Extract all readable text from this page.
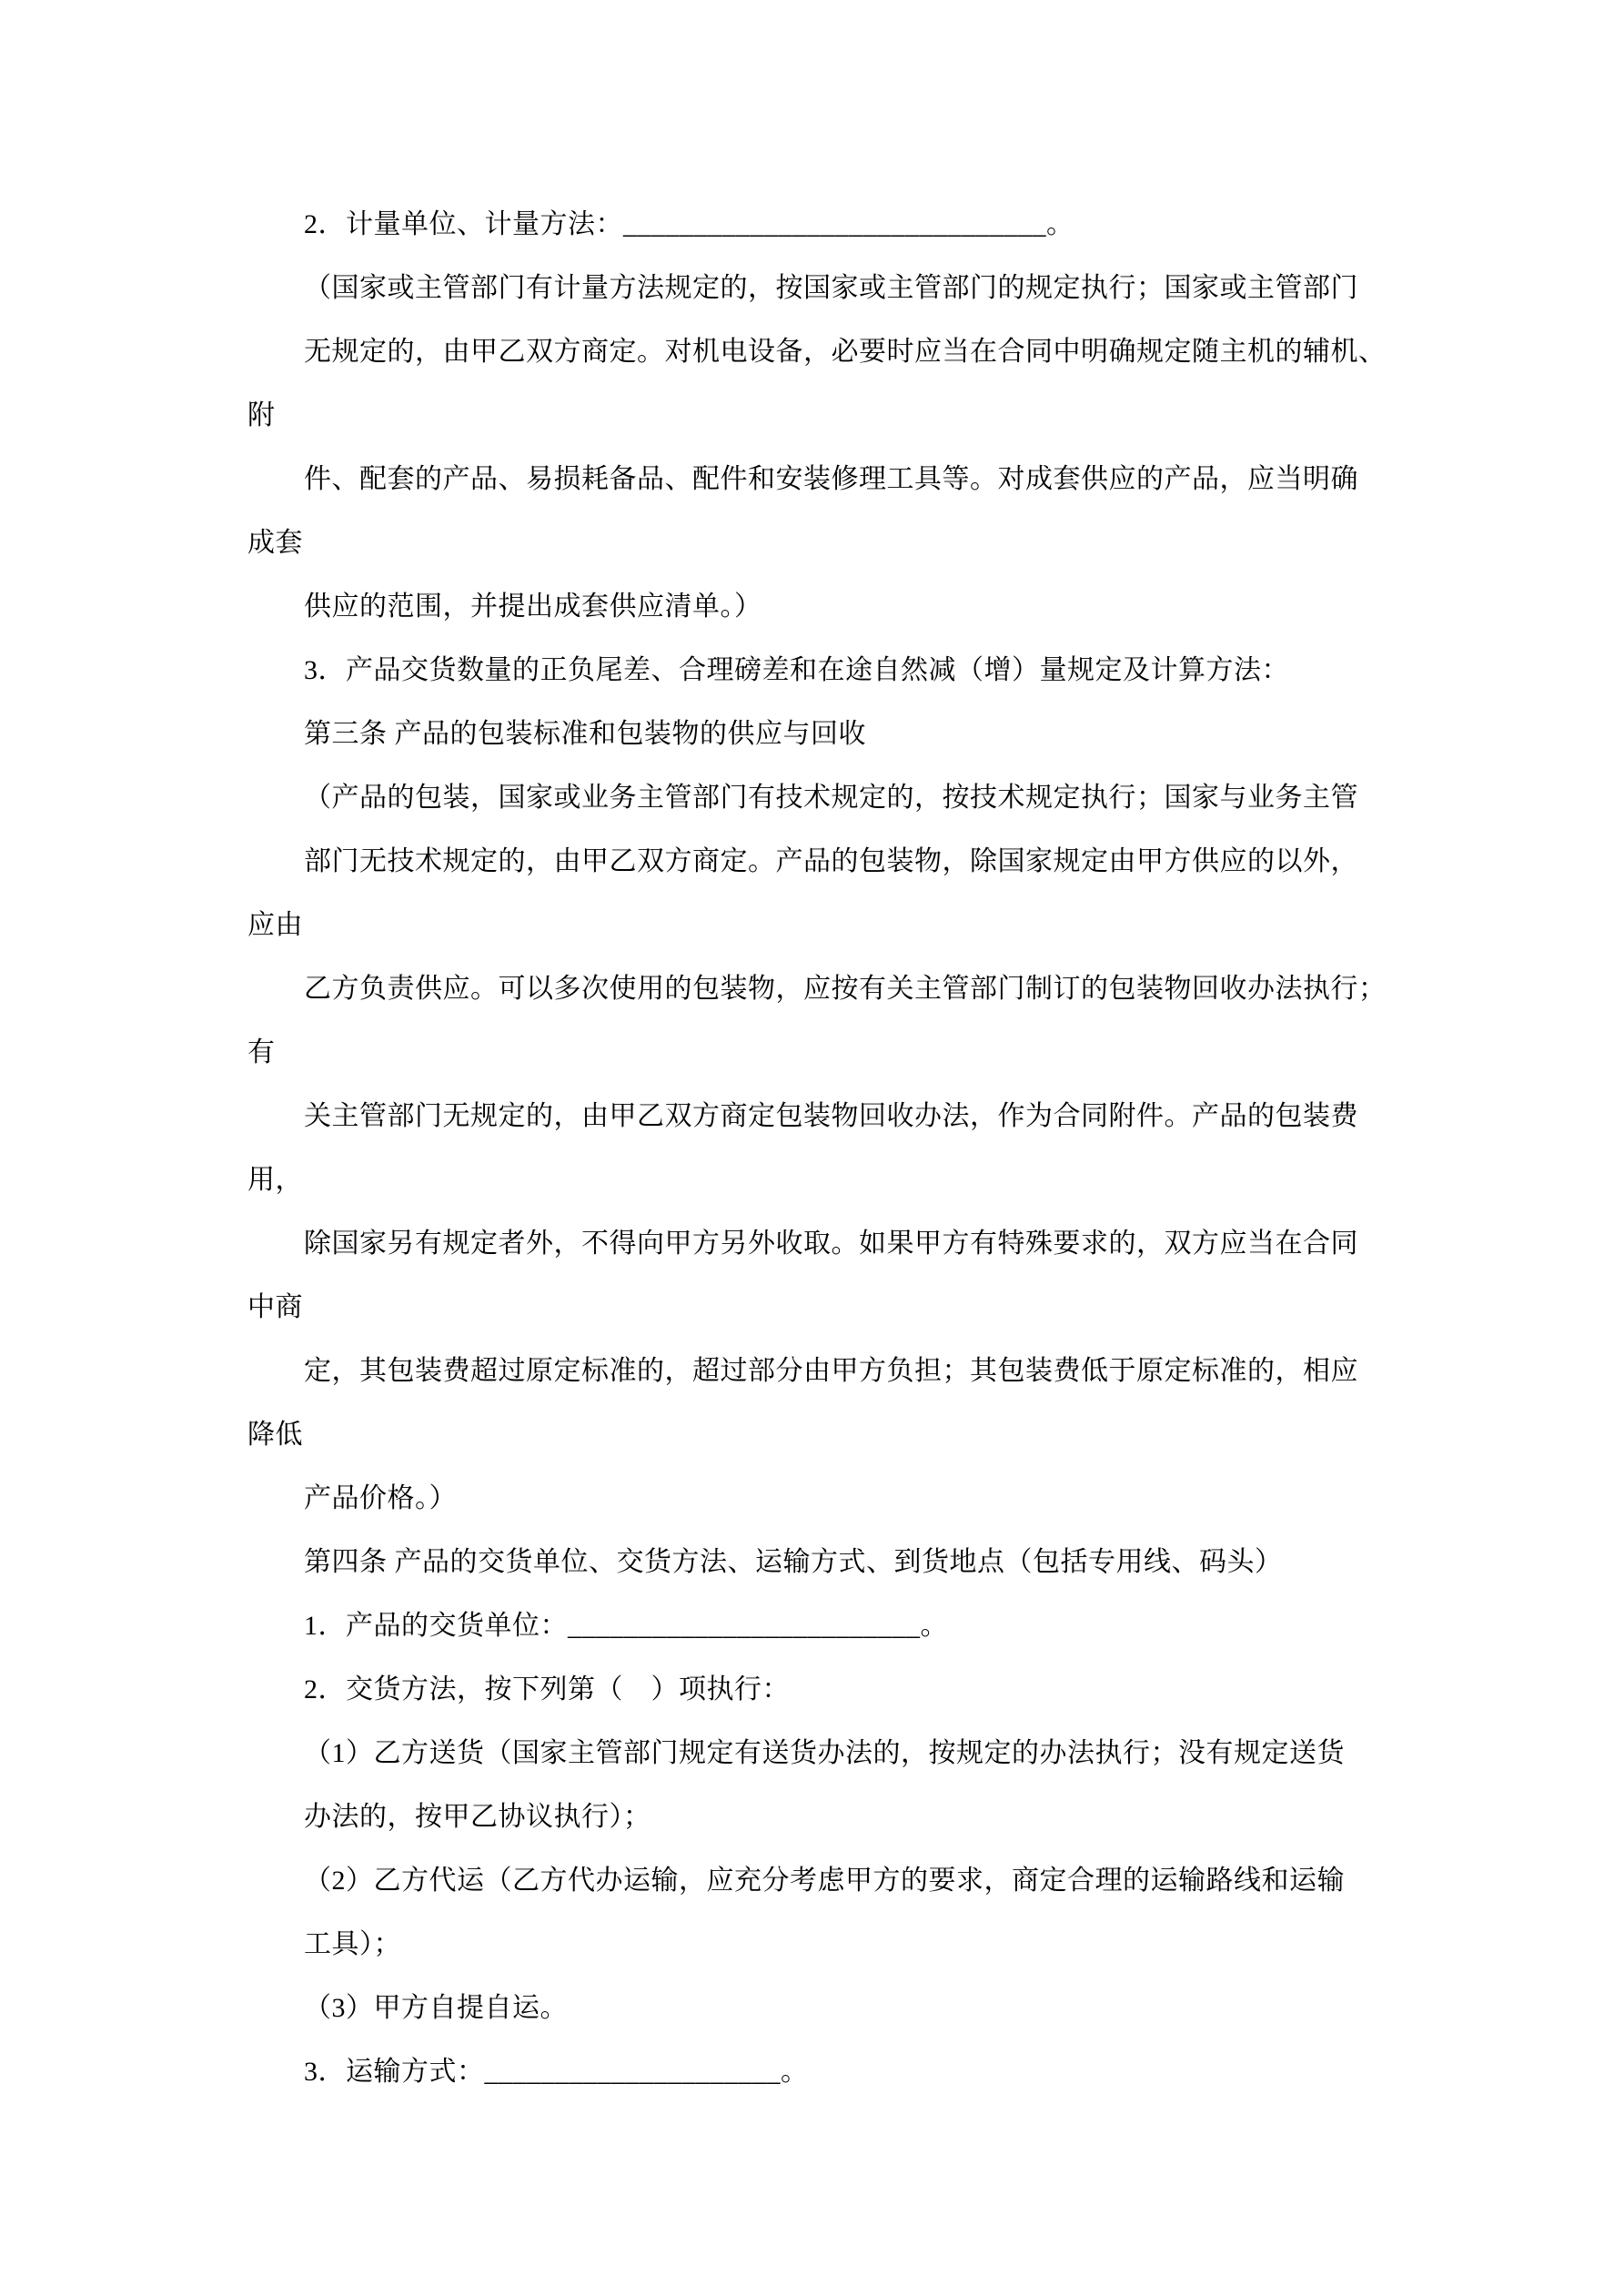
2．计量单位、计量方法：______________________________。
（国家或主管部门有计量方法规定的，按国家或主管部门的规定执行；国家或主管部门
无规定的，由甲乙双方商定。对机电设备，必要时应当在合同中明确规定随主机的辅机、
附
件、配套的产品、易损耗备品、配件和安装修理工具等。对成套供应的产品，应当明确
成套
供应的范围，并提出成套供应清单。）
3．产品交货数量的正负尾差、合理磅差和在途自然减（增）量规定及计算方法：
第三条 产品的包装标准和包装物的供应与回收
（产品的包装，国家或业务主管部门有技术规定的，按技术规定执行；国家与业务主管
部门无技术规定的，由甲乙双方商定。产品的包装物，除国家规定由甲方供应的以外，
应由
乙方负责供应。可以多次使用的包装物，应按有关主管部门制订的包装物回收办法执行；
有
关主管部门无规定的，由甲乙双方商定包装物回收办法，作为合同附件。产品的包装费
用，
除国家另有规定者外，不得向甲方另外收取。如果甲方有特殊要求的，双方应当在合同
中商
定，其包装费超过原定标准的，超过部分由甲方负担；其包装费低于原定标准的，相应
降低
产品价格。）
第四条 产品的交货单位、交货方法、运输方式、到货地点（包括专用线、码头）
1．产品的交货单位：_________________________。
2．交货方法，按下列第（　）项执行：
（1）乙方送货（国家主管部门规定有送货办法的，按规定的办法执行；没有规定送货
办法的，按甲乙协议执行）；
（2）乙方代运（乙方代办运输，应充分考虑甲方的要求，商定合理的运输路线和运输
工具）；
（3）甲方自提自运。
3．运输方式：_____________________。
